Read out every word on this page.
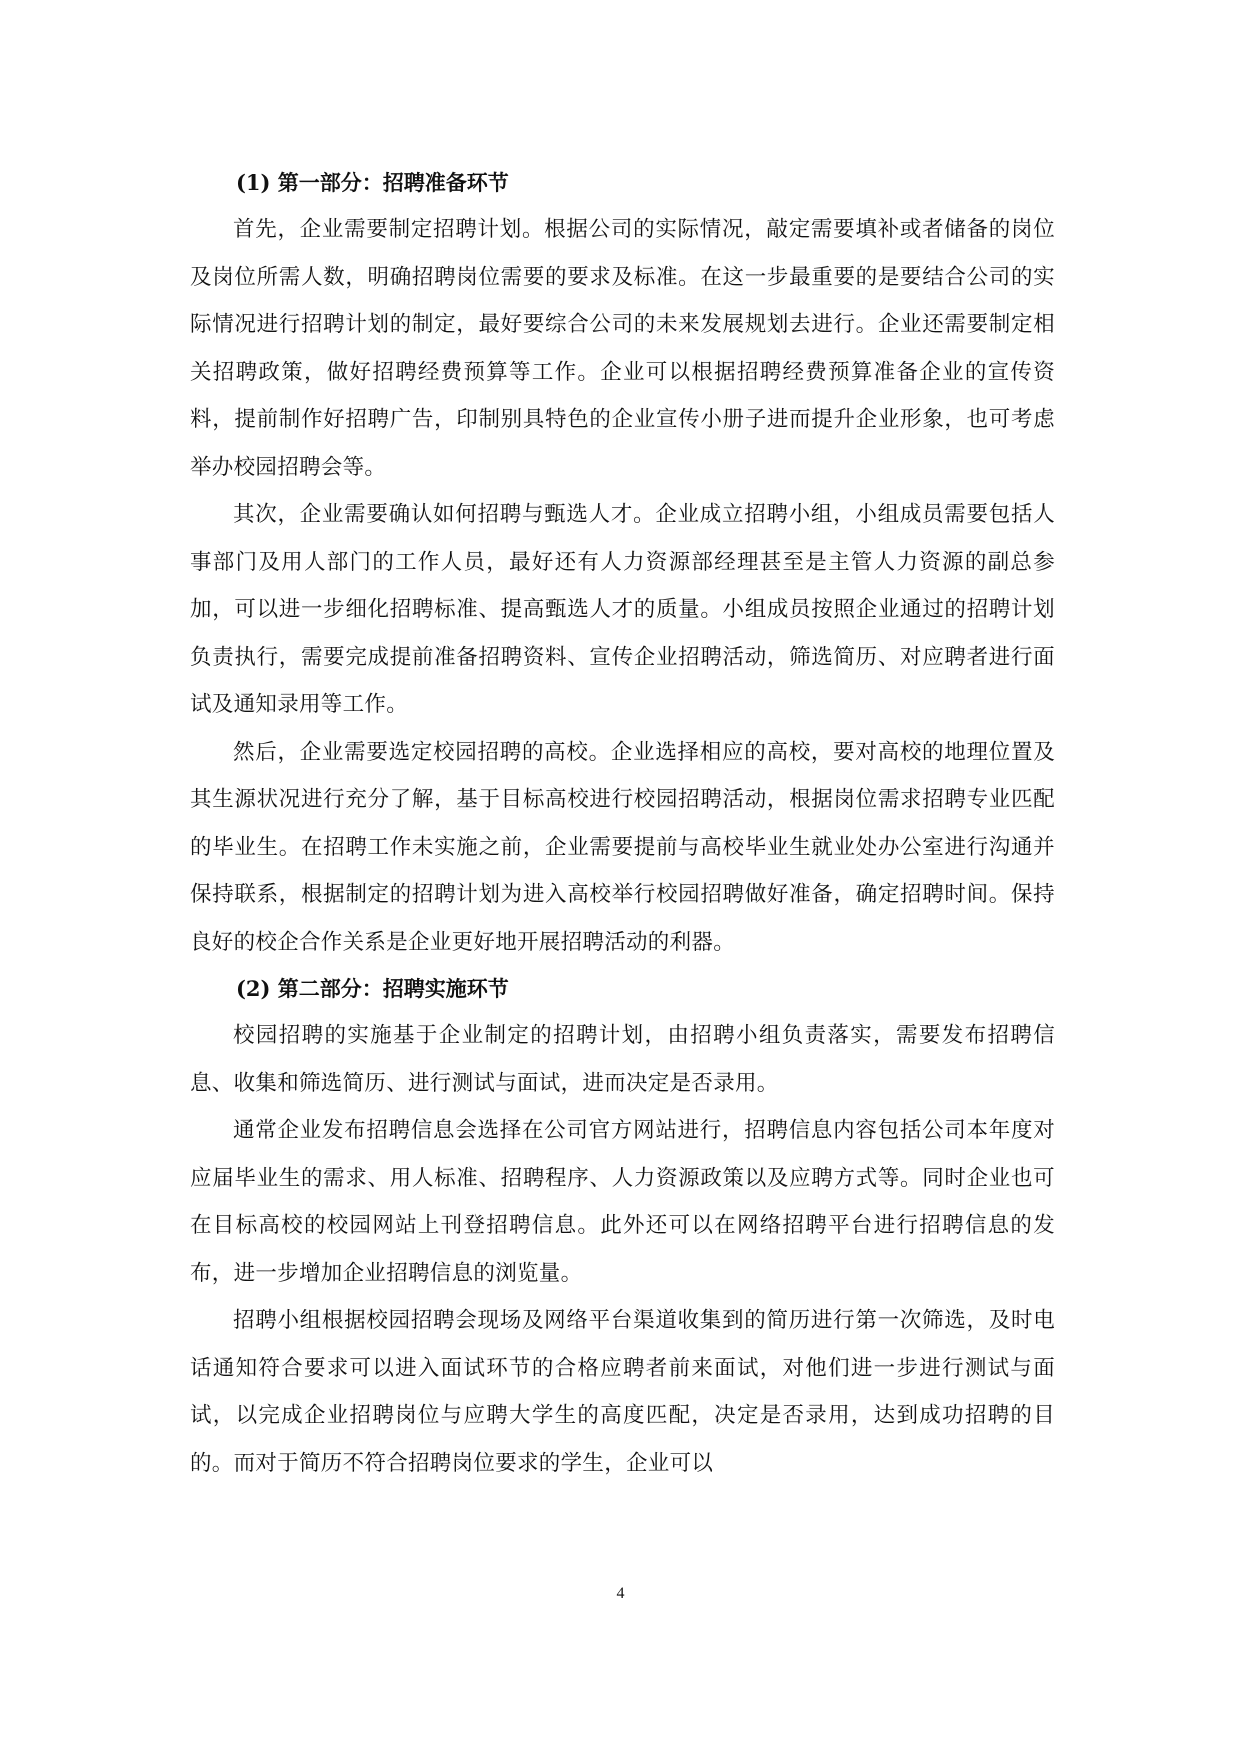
(1) 第一部分：招聘准备环节

首先，企业需要制定招聘计划。根据公司的实际情况，敲定需要填补或者储备的岗位及岗位所需人数，明确招聘岗位需要的要求及标准。在这一步最重要的是要结合公司的实际情况进行招聘计划的制定，最好要综合公司的未来发展规划去进行。企业还需要制定相关招聘政策，做好招聘经费预算等工作。企业可以根据招聘经费预算准备企业的宣传资料，提前制作好招聘广告，印制别具特色的企业宣传小册子进而提升企业形象，也可考虑举办校园招聘会等。

其次，企业需要确认如何招聘与甄选人才。企业成立招聘小组，小组成员需要包括人事部门及用人部门的工作人员，最好还有人力资源部经理甚至是主管人力资源的副总参加，可以进一步细化招聘标准、提高甄选人才的质量。小组成员按照企业通过的招聘计划负责执行，需要完成提前准备招聘资料、宣传企业招聘活动，筛选简历、对应聘者进行面试及通知录用等工作。

然后，企业需要选定校园招聘的高校。企业选择相应的高校，要对高校的地理位置及其生源状况进行充分了解，基于目标高校进行校园招聘活动，根据岗位需求招聘专业匹配的毕业生。在招聘工作未实施之前，企业需要提前与高校毕业生就业处办公室进行沟通并保持联系，根据制定的招聘计划为进入高校举行校园招聘做好准备，确定招聘时间。保持良好的校企合作关系是企业更好地开展招聘活动的利器。

(2) 第二部分：招聘实施环节

校园招聘的实施基于企业制定的招聘计划，由招聘小组负责落实，需要发布招聘信息、收集和筛选简历、进行测试与面试，进而决定是否录用。

通常企业发布招聘信息会选择在公司官方网站进行，招聘信息内容包括公司本年度对应届毕业生的需求、用人标准、招聘程序、人力资源政策以及应聘方式等。同时企业也可在目标高校的校园网站上刊登招聘信息。此外还可以在网络招聘平台进行招聘信息的发布，进一步增加企业招聘信息的浏览量。

招聘小组根据校园招聘会现场及网络平台渠道收集到的简历进行第一次筛选，及时电话通知符合要求可以进入面试环节的合格应聘者前来面试，对他们进一步进行测试与面试，以完成企业招聘岗位与应聘大学生的高度匹配，决定是否录用，达到成功招聘的目的。而对于简历不符合招聘岗位要求的学生，企业可以

4
